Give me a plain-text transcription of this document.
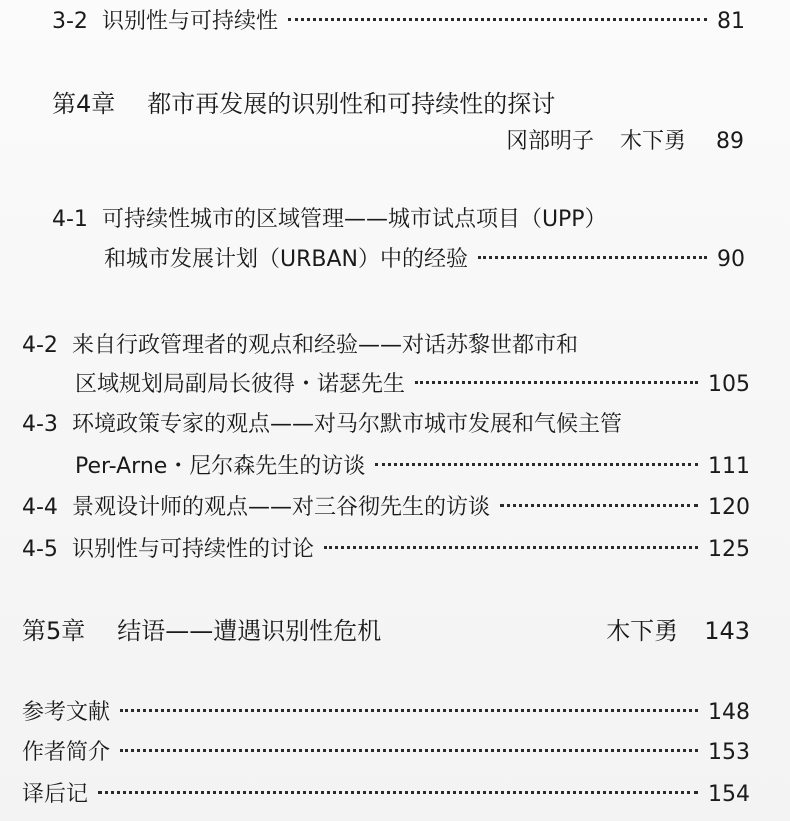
3-2 识别性与可持续性	81
第4章 都市再发展的识别性和可持续性的探讨
冈部明子 木下勇 89
4-1 可持续性城市的区域管理——城市试点项目（UPP）
和城市发展计划（URBAN）中的经验	90
4-2 来自行政管理者的观点和经验——对话苏黎世都市和
区域规划局副局长彼得・诺瑟先生	105
4-3 环境政策专家的观点——对马尔默市城市发展和气候主管
Per-Arne・尼尔森先生的访谈	111
4-4 景观设计师的观点——对三谷彻先生的访谈	120
4-5 识别性与可持续性的讨论	125
第5章 结语——遭遇识别性危机	木下勇 143
参考文献	148
作者简介	153
译后记	154
